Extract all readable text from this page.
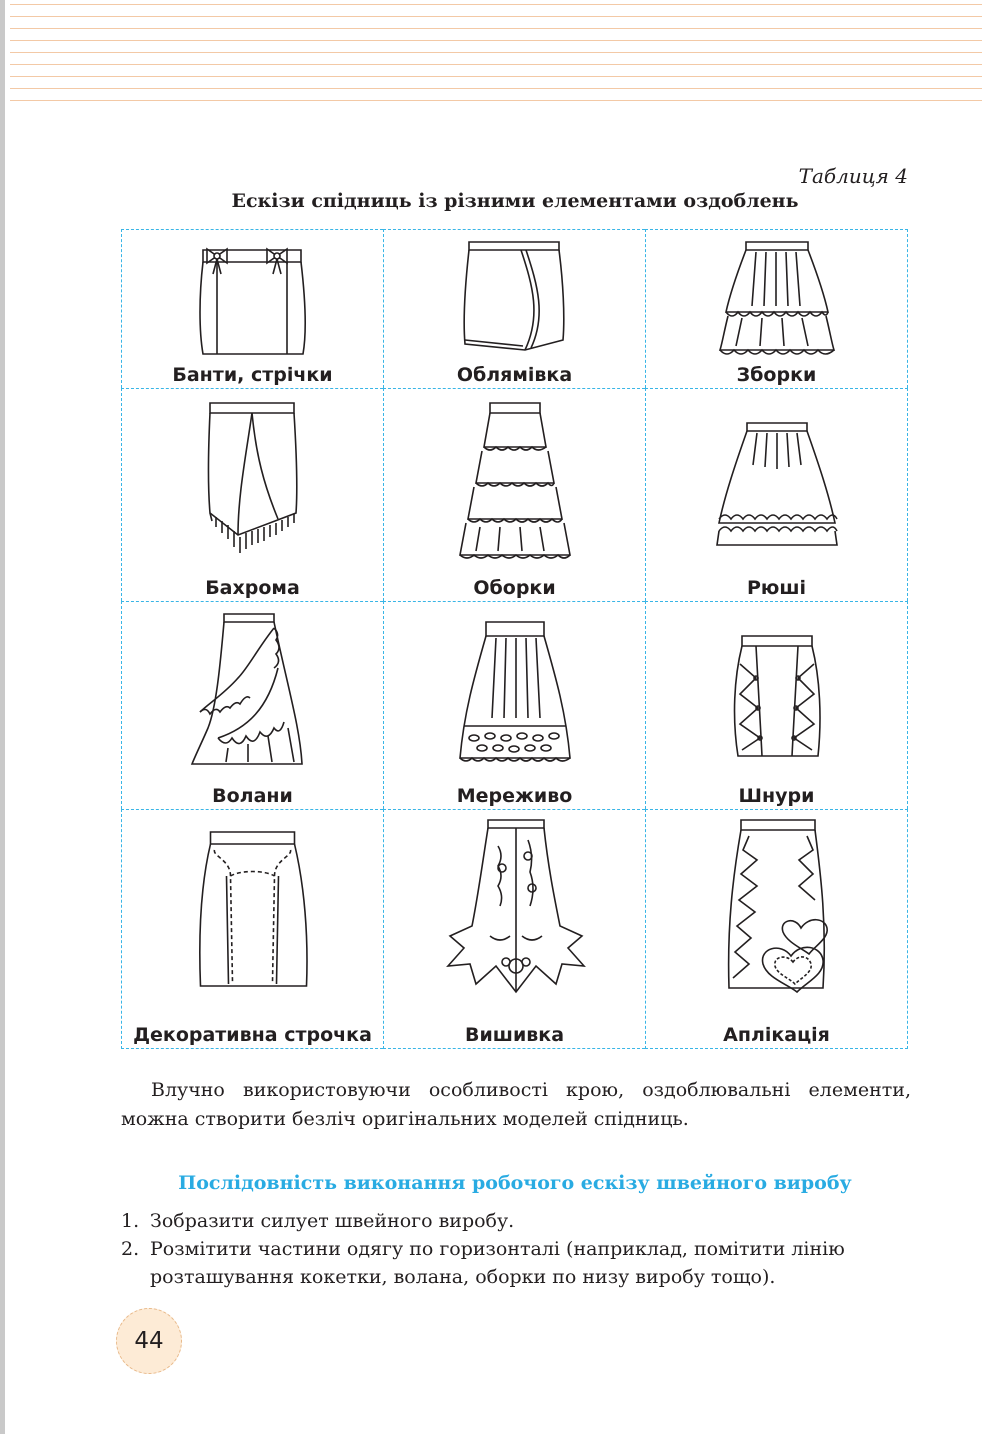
Таблиця 4
Ескізи спідниць із різними елементами оздоблень
Банти, стрічки	Облямівка	Зборки
Бахрома	Оборки	Рюші
Волани	Мереживо	Шнури
Декоративна строчка	Вишивка	Аплікація

Влучно використовуючи особливості крою, оздоблювальні елементи, можна створити безліч оригінальних моделей спідниць.

Послідовність виконання робочого ескізу швейного виробу
1. Зобразити силует швейного виробу.
2. Розмітити частини одягу по горизонталі (наприклад, помітити лінію розташування кокетки, волана, оборки по низу виробу тощо).
44
